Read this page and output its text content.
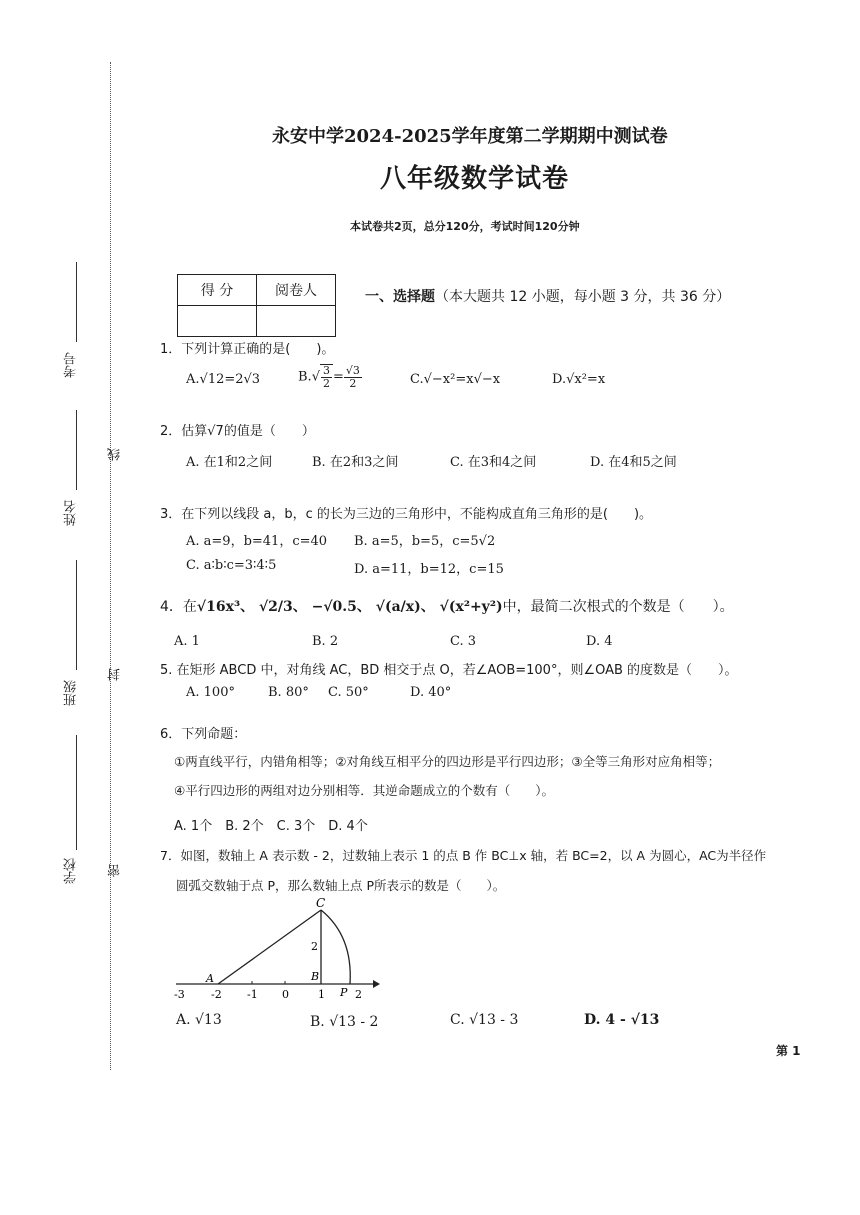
考号
姓名
班级
学校
线
封
密
永安中学2024-2025学年度第二学期期中测试卷
八年级数学试卷
本试卷共2页，总分120分，考试时间120分钟
得 分	阅卷人
		一、选择题（本大题共 12 小题，每小题 3 分，共 36 分）
1．下列计算正确的是(　　)。
A.√12=2√3	$B.√ \frac{3}{2} = \frac{√3}{2}$	C.√−x²=x√−x	D.√x²=x
2．估算√7的值是（　　）
A. 在1和2之间	B. 在2和3之间	C. 在3和4之间	D. 在4和5之间
3．在下列以线段 a，b，c 的长为三边的三角形中，不能构成直角三角形的是(　　)。
A. a=9，b=41，c=40 B. a=5，b=5，c=5√2
C. a∶b∶c=3∶4∶5	D. a=11，b=12，c=15
4．在√16x³、 √2/3、 −√0.5、 √(a/x)、 √(x²+y²)中，最简二次根式的个数是（　　）。
A. 1	B. 2	C. 3	D. 4
5. 在矩形 ABCD 中，对角线 AC，BD 相交于点 O，若∠AOB=100°，则∠OAB 的度数是（　　）。
A. 100°	B. 80° C. 50°	D. 40°
6．下列命题：
①两直线平行，内错角相等；②对角线互相平分的四边形是平行四边形；③全等三角形对应角相等；
④平行四边形的两组对边分别相等．其逆命题成立的个数有（　　）。
A. 1个　B. 2个　C. 3个　D. 4个
7．如图，数轴上 A 表示数 - 2，过数轴上表示 1 的点 B 作 BC⊥x 轴，若 BC=2，以 A 为圆心，AC为半径作
圆弧交数轴于点 P，那么数轴上点 P所表示的数是（　　）。
C
2
B
A
P
-3 -2 -1 0	1	2
A. √13	B. √13 - 2	C. √13 - 3	D. 4 - √13
第 1
